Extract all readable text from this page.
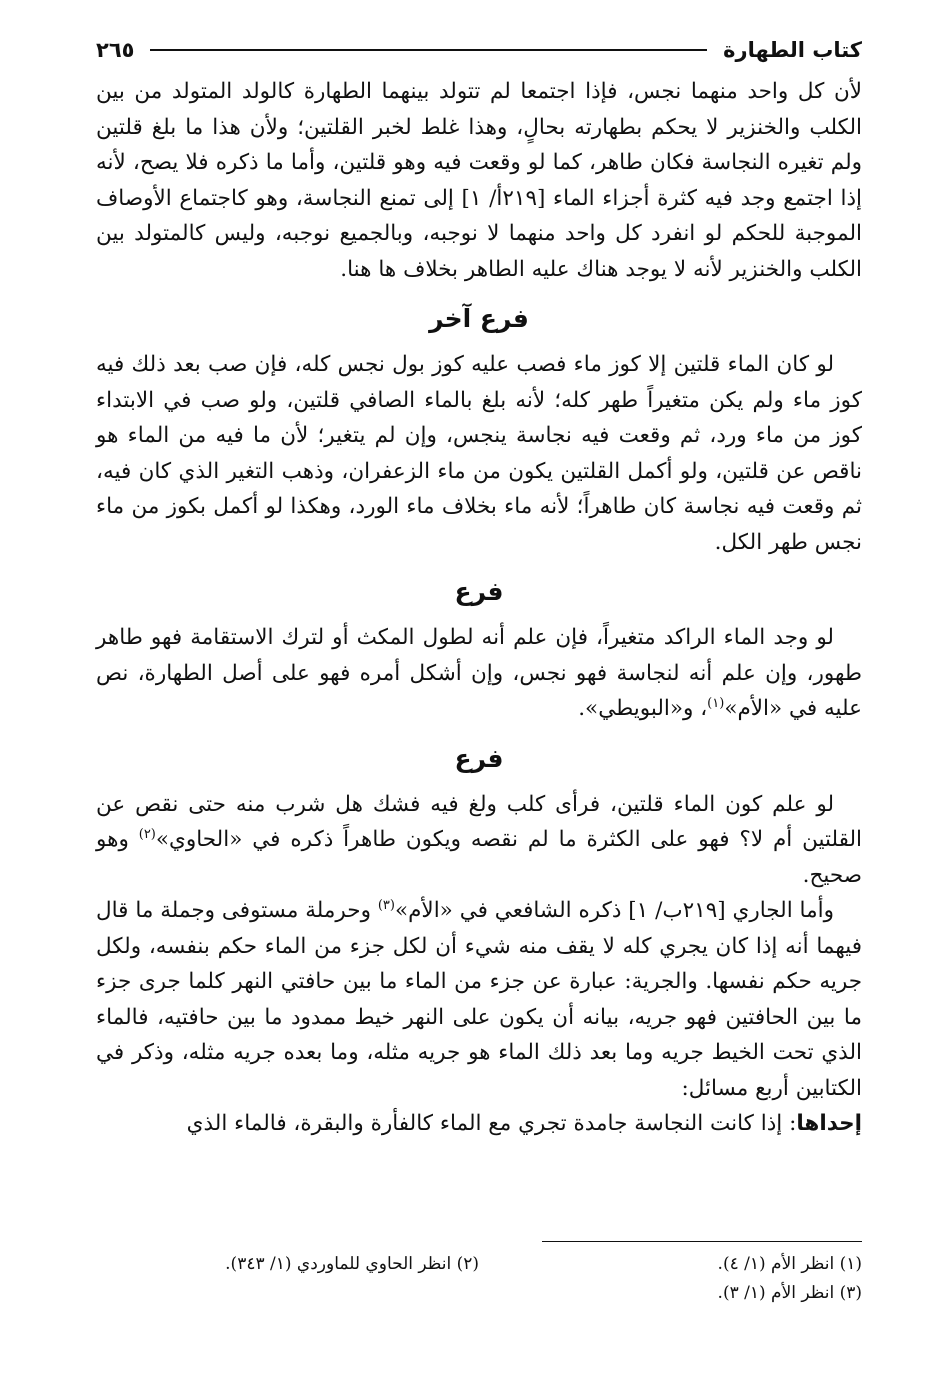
كتاب الطهارة
٢٦٥

لأن كل واحد منهما نجس، فإذا اجتمعا لم تتولد بينهما الطهارة كالولد المتولد من بين الكلب والخنزير لا يحكم بطهارته بحالٍ، وهذا غلط لخبر القلتين؛ ولأن هذا ما بلغ قلتين ولم تغيره النجاسة فكان طاهر، كما لو وقعت فيه وهو قلتين، وأما ما ذكره فلا يصح، لأنه إذا اجتمع وجد فيه كثرة أجزاء الماء [٢١٩أ/ ١] إلى تمنع النجاسة، وهو كاجتماع الأوصاف الموجبة للحكم لو انفرد كل واحد منهما لا نوجبه، وبالجميع نوجبه، وليس كالمتولد بين الكلب والخنزير لأنه لا يوجد هناك عليه الطاهر بخلاف ها هنا.

فرع آخر

لو كان الماء قلتين إلا كوز ماء فصب عليه كوز بول نجس كله، فإن صب بعد ذلك فيه كوز ماء ولم يكن متغيراً طهر كله؛ لأنه بلغ بالماء الصافي قلتين، ولو صب في الابتداء كوز من ماء ورد، ثم وقعت فيه نجاسة ينجس، وإن لم يتغير؛ لأن ما فيه من الماء هو ناقص عن قلتين، ولو أكمل القلتين يكون من ماء الزعفران، وذهب التغير الذي كان فيه، ثم وقعت فيه نجاسة كان طاهراً؛ لأنه ماء بخلاف ماء الورد، وهكذا لو أكمل بكوز من ماء نجس طهر الكل.

فرع

لو وجد الماء الراكد متغيراً، فإن علم أنه لطول المكث أو لترك الاستقامة فهو طاهر طهور، وإن علم أنه لنجاسة فهو نجس، وإن أشكل أمره فهو على أصل الطهارة، نص عليه في «الأم»$^{(١)}$، و«البويطي».

فرع

لو علم كون الماء قلتين، فرأى كلب ولغ فيه فشك هل شرب منه حتى نقص عن القلتين أم لا؟ فهو على الكثرة ما لم نقصه ويكون طاهراً ذكره في «الحاوي»$^{(٢)}$ وهو صحيح.

وأما الجاري [٢١٩ب/ ١] ذكره الشافعي في «الأم»$^{(٣)}$ وحرملة مستوفى وجملة ما قال فيهما أنه إذا كان يجري كله لا يقف منه شيء أن لكل جزء من الماء حكم بنفسه، ولكل جريه حكم نفسها. والجرية: عبارة عن جزء من الماء ما بين حافتي النهر كلما جرى جزء ما بين الحافتين فهو جريه، بيانه أن يكون على النهر خيط ممدود ما بين حافتيه، فالماء الذي تحت الخيط جريه وما بعد ذلك الماء هو جريه مثله، وما بعده جريه مثله، وذكر في الكتابين أربع مسائل:

إحداها: إذا كانت النجاسة جامدة تجري مع الماء كالفأرة والبقرة، فالماء الذي

(١) انظر الأم (١/ ٤).
(٢) انظر الحاوي للماوردي (١/ ٣٤٣).
(٣) انظر الأم (١/ ٣).
